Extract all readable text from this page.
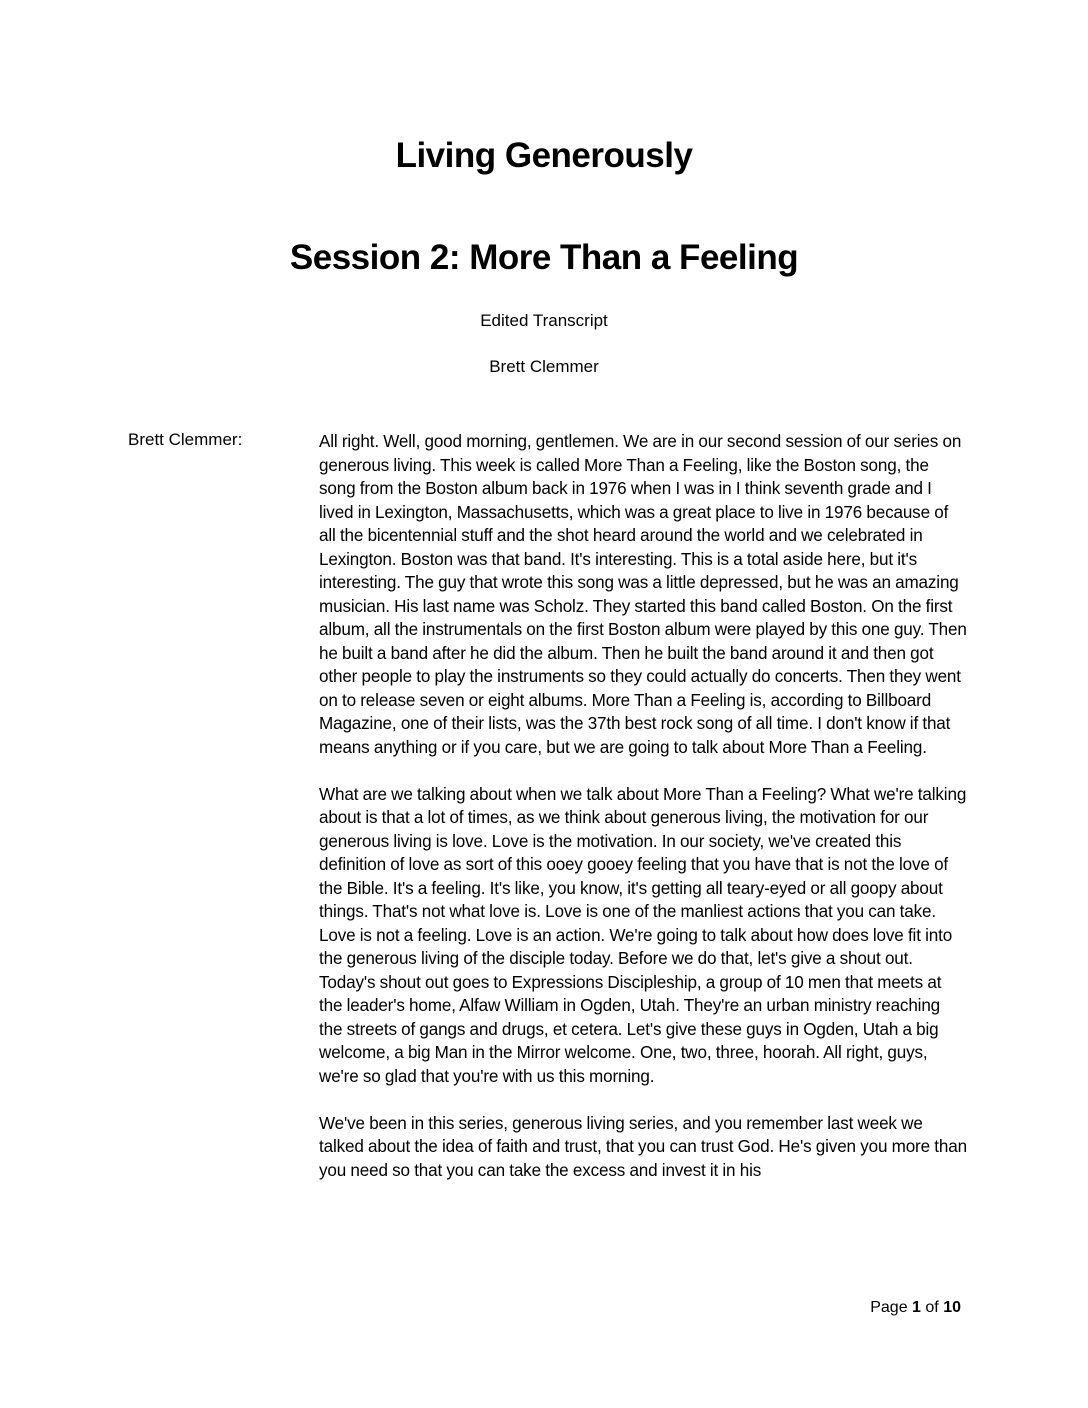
Living Generously
Session 2: More Than a Feeling

Edited Transcript

Brett Clemmer

Brett Clemmer:	All right. Well, good morning, gentlemen. We are in our second session of our series on generous living. This week is called More Than a Feeling, like the Boston song, the song from the Boston album back in 1976 when I was in I think seventh grade and I lived in Lexington, Massachusetts, which was a great place to live in 1976 because of all the bicentennial stuff and the shot heard around the world and we celebrated in Lexington. Boston was that band. It's interesting. This is a total aside here, but it's interesting. The guy that wrote this song was a little depressed, but he was an amazing musician. His last name was Scholz. They started this band called Boston. On the first album, all the instrumentals on the first Boston album were played by this one guy. Then he built a band after he did the album. Then he built the band around it and then got other people to play the instruments so they could actually do concerts. Then they went on to release seven or eight albums. More Than a Feeling is, according to Billboard Magazine, one of their lists, was the 37th best rock song of all time. I don't know if that means anything or if you care, but we are going to talk about More Than a Feeling.

What are we talking about when we talk about More Than a Feeling? What we're talking about is that a lot of times, as we think about generous living, the motivation for our generous living is love. Love is the motivation. In our society, we've created this definition of love as sort of this ooey gooey feeling that you have that is not the love of the Bible. It's a feeling. It's like, you know, it's getting all teary-eyed or all goopy about things. That's not what love is. Love is one of the manliest actions that you can take. Love is not a feeling. Love is an action. We're going to talk about how does love fit into the generous living of the disciple today. Before we do that, let's give a shout out. Today's shout out goes to Expressions Discipleship, a group of 10 men that meets at the leader's home, Alfaw William in Ogden, Utah. They're an urban ministry reaching the streets of gangs and drugs, et cetera. Let's give these guys in Ogden, Utah a big welcome, a big Man in the Mirror welcome. One, two, three, hoorah. All right, guys, we're so glad that you're with us this morning.

We've been in this series, generous living series, and you remember last week we talked about the idea of faith and trust, that you can trust God. He's given you more than you need so that you can take the excess and invest it in his

Page 1 of 10
